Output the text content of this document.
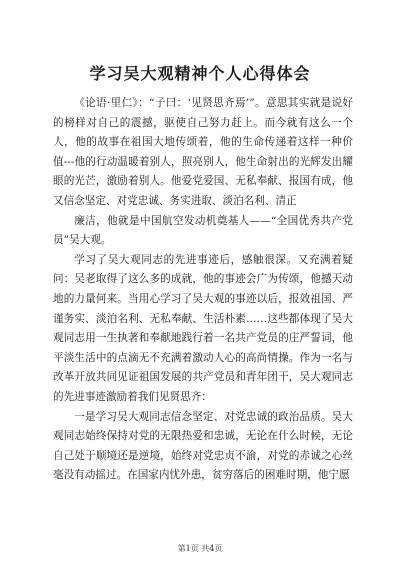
学习吴大观精神个人心得体会

《论语·里仁》：“子曰：‘见贤思齐焉’”。意思其实就是说好的榜样对自己的震撼，驱使自己努力赶上。而今就有这么一个人，他的故事在祖国大地传颂着，他的生命传递着这样一种价值---他的行动温暖着别人，照亮别人，他生命射出的光辉发出耀眼的光芒，激励着别人。他爱党爱国、无私奉献、报国有成，他又信念坚定、对党忠诚、务实进取、淡泊名利、清正

廉洁，他就是中国航空发动机奠基人——“全国优秀共产党员”吴大观。

学习了吴大观同志的先进事迹后，感触很深。又充满着疑问：吴老取得了这么多的成就，他的事迹会广为传颂，他撼天动地的力量何来。当用心学习了吴大观的事迹以后，报效祖国、严谨务实、淡泊名利、无私奉献、生活朴素……这些都体现了吴大观同志用一生执著和奉献地践行着一名共产党员的庄严誓词，他平淡生活中的点滴无不充满着激动人心的高尚情操。作为一名与改革开放共同见证祖国发展的共产党员和青年团干，吴大观同志的先进事迹激励着我们见贤思齐：

一是学习吴大观同志信念坚定、对党忠诚的政治品质。吴大观同志始终保持对党的无限热爱和忠诚，无论在什么时候，无论自己处于顺境还是逆境，始终对党忠贞不渝，对党的赤诚之心丝毫没有动摇过。在国家内忧外患，贫穷落后的困难时期，他宁愿

第1页 共4页
